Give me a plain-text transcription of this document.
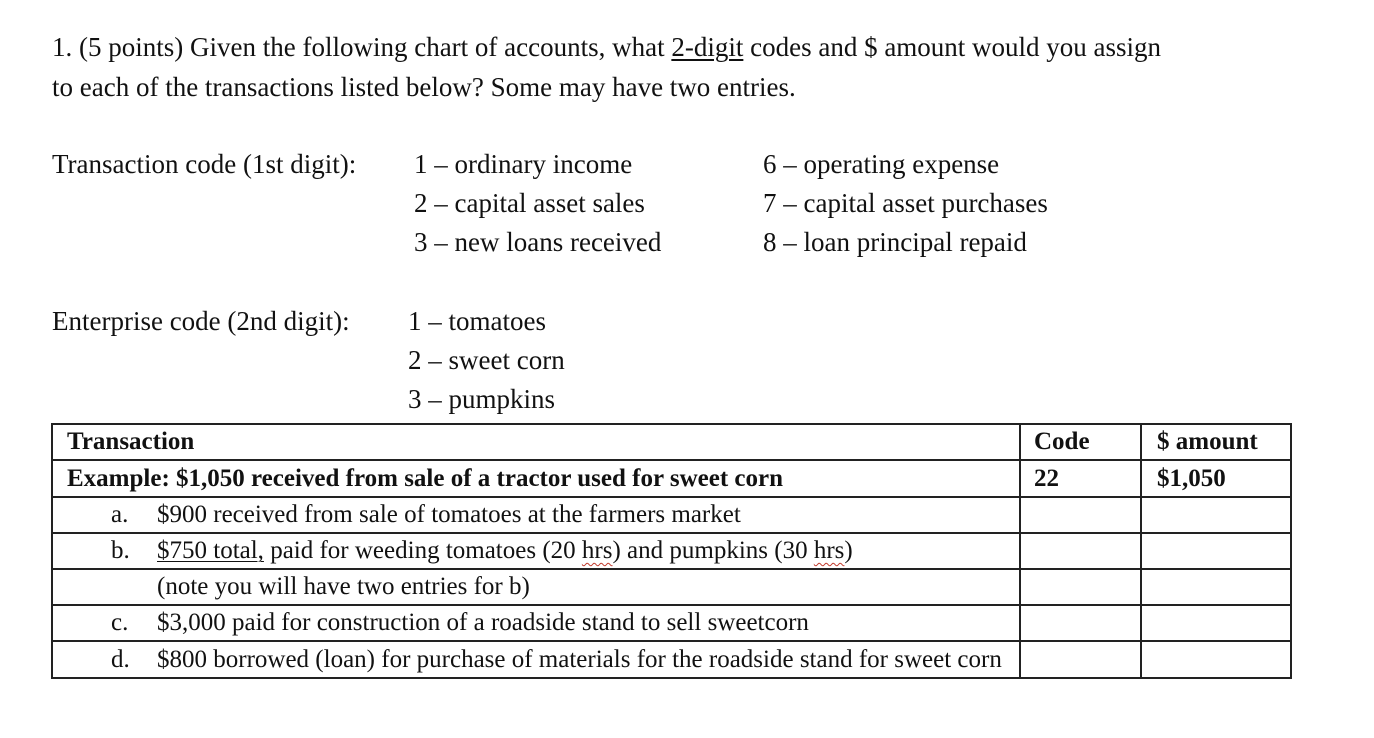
1. (5 points) Given the following chart of accounts, what 2-digit codes and $ amount would you assign
to each of the transactions listed below? Some may have two entries.
Transaction code (1st digit): 1 – ordinary income
2 – capital asset sales
3 – new loans received
6 – operating expense
7 – capital asset purchases
8 – loan principal repaid
Enterprise code (2nd digit): 1 – tomatoes
2 – sweet corn
3 – pumpkins
Transaction	Code	$ amount
Example: $1,050 received from sale of a tractor used for sweet corn	22	$1,050
a. $900 received from sale of tomatoes at the farmers market		

b. $750 total, paid for weeding tomatoes (20 hrs) and pumpkins (30 hrs)		

(note you will have two entries for b)		
c. $3,000 paid for construction of a roadside stand to sell sweetcorn		

d. $800 borrowed (loan) for purchase of materials for the roadside stand for sweet corn		
